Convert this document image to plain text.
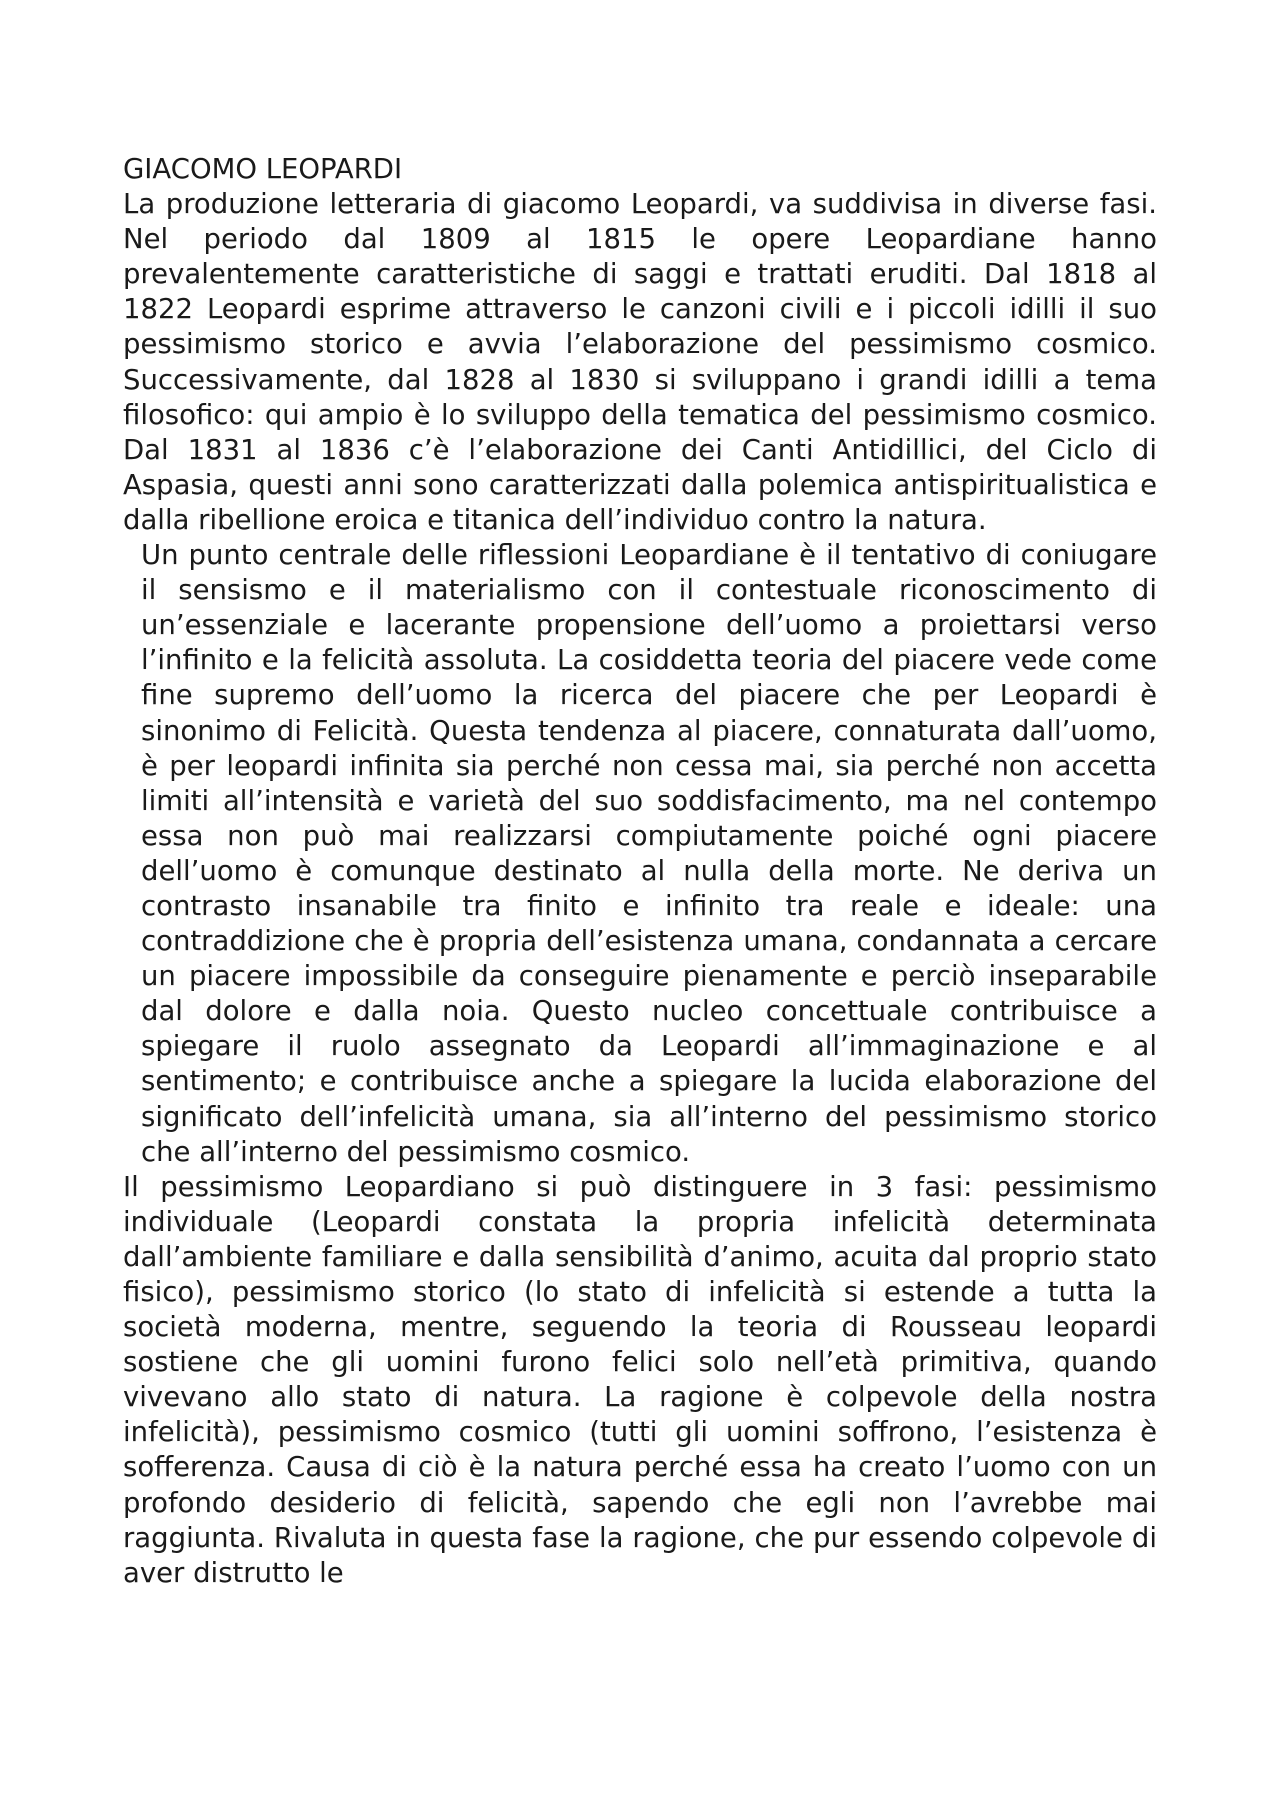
GIACOMO LEOPARDI

La produzione letteraria di giacomo Leopardi, va suddivisa in diverse fasi. Nel periodo dal 1809 al 1815 le opere Leopardiane hanno prevalentemente caratteristiche di saggi e trattati eruditi. Dal 1818 al 1822 Leopardi esprime attraverso le canzoni civili e i piccoli idilli il suo pessimismo storico e avvia l’elaborazione del pessimismo cosmico. Successivamente, dal 1828 al 1830 si sviluppano i grandi idilli a tema filosofico: qui ampio è lo sviluppo della tematica del pessimismo cosmico. Dal 1831 al 1836 c’è l’elaborazione dei Canti Antidillici, del Ciclo di Aspasia, questi anni sono caratterizzati dalla polemica antispiritualistica e dalla ribellione eroica e titanica dell’individuo contro la natura.

Un punto centrale delle riflessioni Leopardiane è il tentativo di coniugare il sensismo e il materialismo con il contestuale riconoscimento di un’essenziale e lacerante propensione dell’uomo a proiettarsi verso l’infinito e la felicità assoluta. La cosiddetta teoria del piacere vede come fine supremo dell’uomo la ricerca del piacere che per Leopardi è sinonimo di Felicità. Questa tendenza al piacere, connaturata dall’uomo, è per leopardi infinita sia perché non cessa mai, sia perché non accetta limiti all’intensità e varietà del suo soddisfacimento, ma nel contempo essa non può mai realizzarsi compiutamente poiché ogni piacere dell’uomo è comunque destinato al nulla della morte. Ne deriva un contrasto insanabile tra finito e infinito tra reale e ideale: una contraddizione che è propria dell’esistenza umana, condannata a cercare un piacere impossibile da conseguire pienamente e perciò inseparabile dal dolore e dalla noia. Questo nucleo concettuale contribuisce a spiegare il ruolo assegnato da Leopardi all’immaginazione e al sentimento; e contribuisce anche a spiegare la lucida elaborazione del significato dell’infelicità umana, sia all’interno del pessimismo storico che all’interno del pessimismo cosmico.

Il pessimismo Leopardiano si può distinguere in 3 fasi: pessimismo individuale (Leopardi constata la propria infelicità determinata dall’ambiente familiare e dalla sensibilità d’animo, acuita dal proprio stato fisico), pessimismo storico (lo stato di infelicità si estende a tutta la società moderna, mentre, seguendo la teoria di Rousseau leopardi sostiene che gli uomini furono felici solo nell’età primitiva, quando vivevano allo stato di natura. La ragione è colpevole della nostra infelicità), pessimismo cosmico (tutti gli uomini soffrono, l’esistenza è sofferenza. Causa di ciò è la natura perché essa ha creato l’uomo con un profondo desiderio di felicità, sapendo che egli non l’avrebbe mai raggiunta. Rivaluta in questa fase la ragione, che pur essendo colpevole di aver distrutto le
